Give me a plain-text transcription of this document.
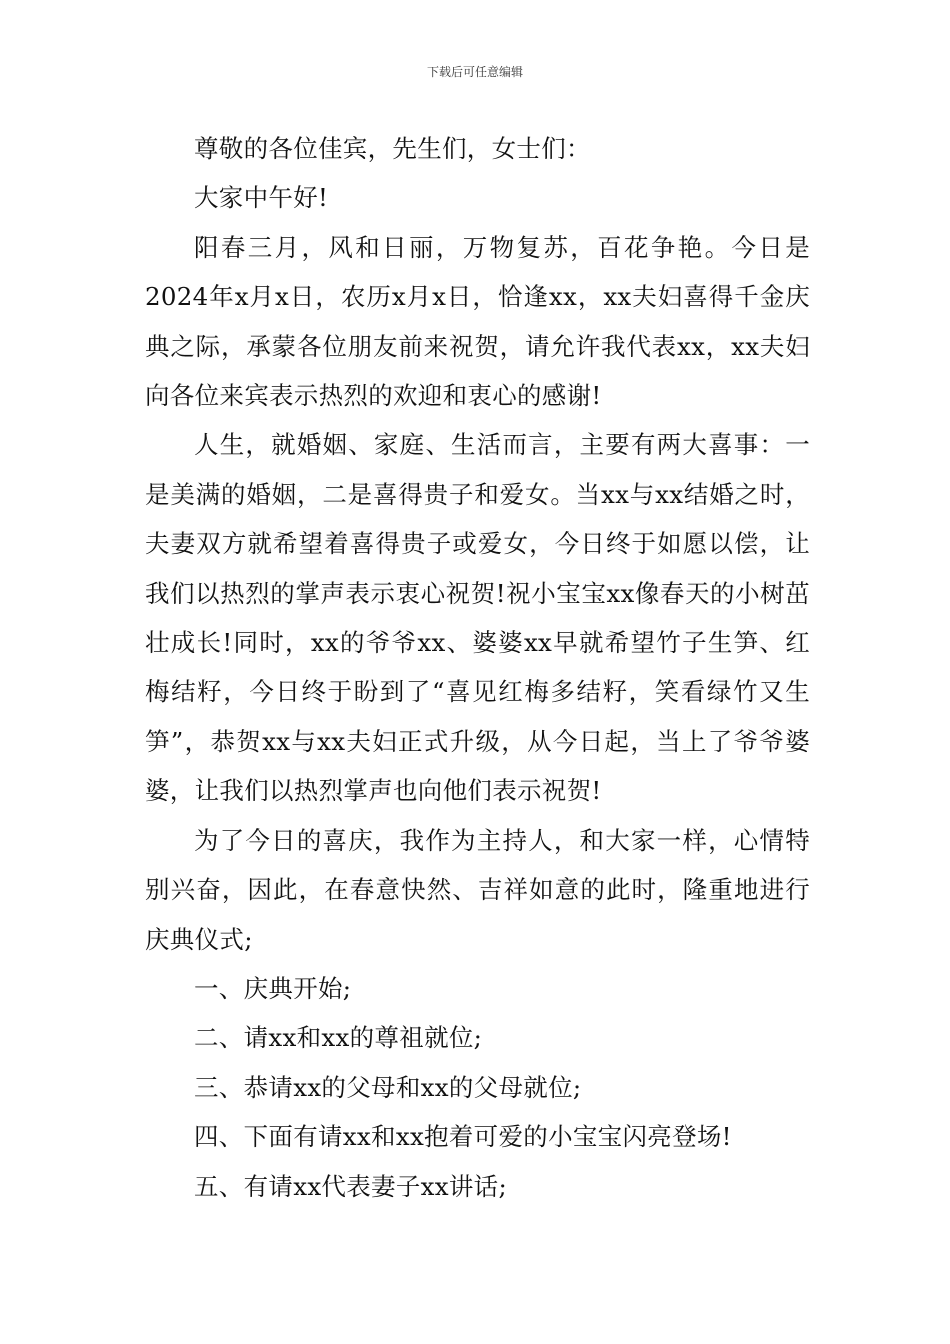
下载后可任意编辑

尊敬的各位佳宾，先生们，女士们：

大家中午好!

阳春三月，风和日丽，万物复苏，百花争艳。今日是2024年x月x日，农历x月x日，恰逢xx，xx夫妇喜得千金庆典之际，承蒙各位朋友前来祝贺，请允许我代表xx，xx夫妇向各位来宾表示热烈的欢迎和衷心的感谢!

人生，就婚姻、家庭、生活而言，主要有两大喜事：一是美满的婚姻，二是喜得贵子和爱女。当xx与xx结婚之时，夫妻双方就希望着喜得贵子或爱女，今日终于如愿以偿，让我们以热烈的掌声表示衷心祝贺!祝小宝宝xx像春天的小树茁壮成长!同时，xx的爷爷xx、婆婆xx早就希望竹子生笋、红梅结籽，今日终于盼到了“喜见红梅多结籽，笑看绿竹又生笋”，恭贺xx与xx夫妇正式升级，从今日起，当上了爷爷婆婆，让我们以热烈掌声也向他们表示祝贺!

为了今日的喜庆，我作为主持人，和大家一样，心情特别兴奋，因此，在春意快然、吉祥如意的此时，隆重地进行庆典仪式;

一、庆典开始;

二、请xx和xx的尊祖就位;

三、恭请xx的父母和xx的父母就位;

四、下面有请xx和xx抱着可爱的小宝宝闪亮登场!

五、有请xx代表妻子xx讲话;
